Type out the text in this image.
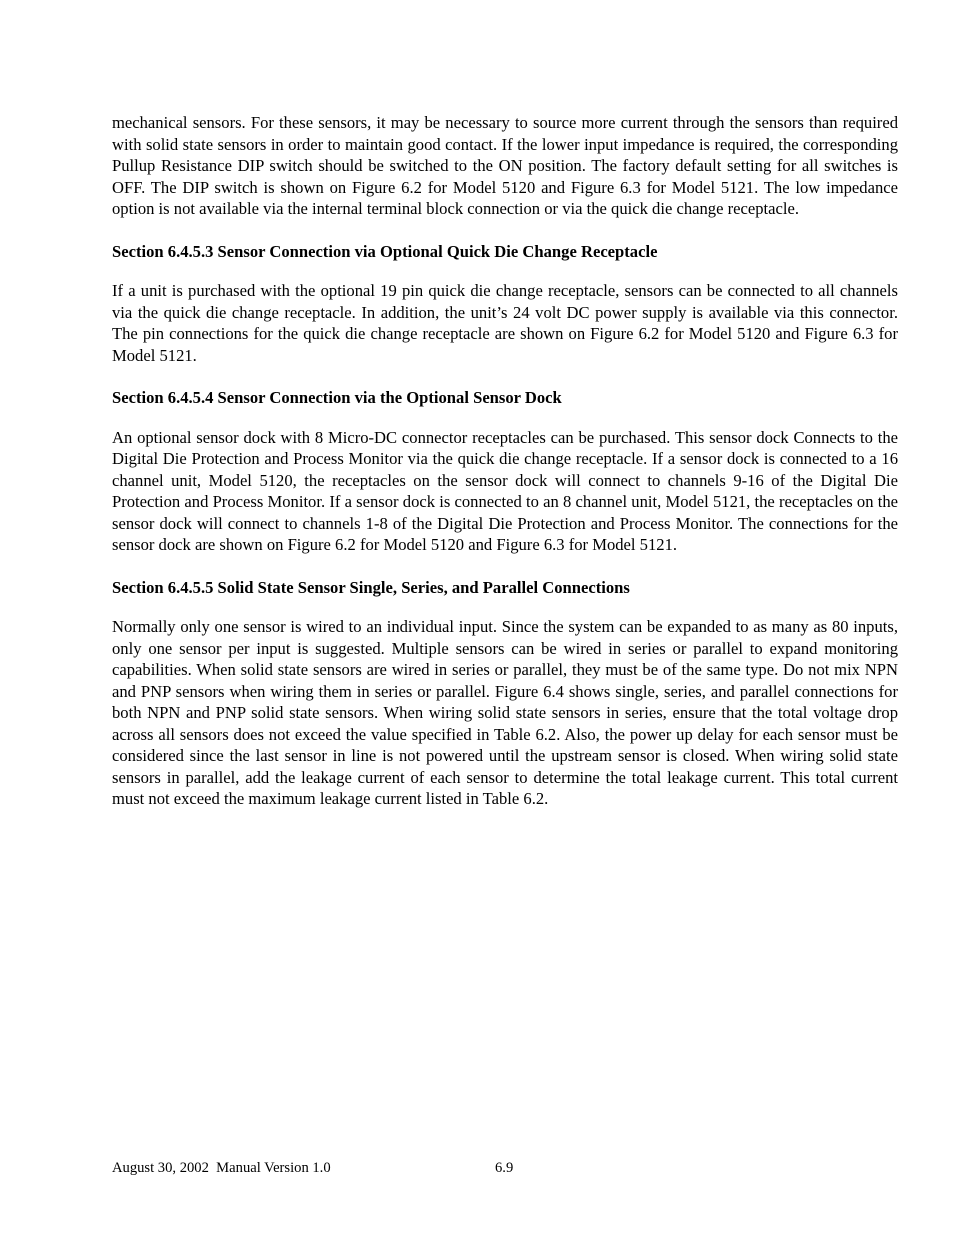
mechanical sensors. For these sensors, it may be necessary to source more current through the sensors than required with solid state sensors in order to maintain good contact. If the lower input impedance is required, the corresponding Pullup Resistance DIP switch should be switched to the ON position. The factory default setting for all switches is OFF. The DIP switch is shown on Figure 6.2 for Model 5120 and Figure 6.3 for Model 5121. The low impedance option is not available via the internal terminal block connection or via the quick die change receptacle.

Section 6.4.5.3 Sensor Connection via Optional Quick Die Change Receptacle

If a unit is purchased with the optional 19 pin quick die change receptacle, sensors can be connected to all channels via the quick die change receptacle. In addition, the unit’s 24 volt DC power supply is available via this connector. The pin connections for the quick die change receptacle are shown on Figure 6.2 for Model 5120 and Figure 6.3 for Model 5121.

Section 6.4.5.4 Sensor Connection via the Optional Sensor Dock

An optional sensor dock with 8 Micro-DC connector receptacles can be purchased. This sensor dock Connects to the Digital Die Protection and Process Monitor via the quick die change receptacle. If a sensor dock is connected to a 16 channel unit, Model 5120, the receptacles on the sensor dock will connect to channels 9-16 of the Digital Die Protection and Process Monitor. If a sensor dock is connected to an 8 channel unit, Model 5121, the receptacles on the sensor dock will connect to channels 1-8 of the Digital Die Protection and Process Monitor. The connections for the sensor dock are shown on Figure 6.2 for Model 5120 and Figure 6.3 for Model 5121.

Section 6.4.5.5 Solid State Sensor Single, Series, and Parallel Connections

Normally only one sensor is wired to an individual input. Since the system can be expanded to as many as 80 inputs, only one sensor per input is suggested. Multiple sensors can be wired in series or parallel to expand monitoring capabilities. When solid state sensors are wired in series or parallel, they must be of the same type. Do not mix NPN and PNP sensors when wiring them in series or parallel. Figure 6.4 shows single, series, and parallel connections for both NPN and PNP solid state sensors. When wiring solid state sensors in series, ensure that the total voltage drop across all sensors does not exceed the value specified in Table 6.2. Also, the power up delay for each sensor must be considered since the last sensor in line is not powered until the upstream sensor is closed. When wiring solid state sensors in parallel, add the leakage current of each sensor to determine the total leakage current. This total current must not exceed the maximum leakage current listed in Table 6.2.

August 30, 2002  Manual Version 1.0	6.9
